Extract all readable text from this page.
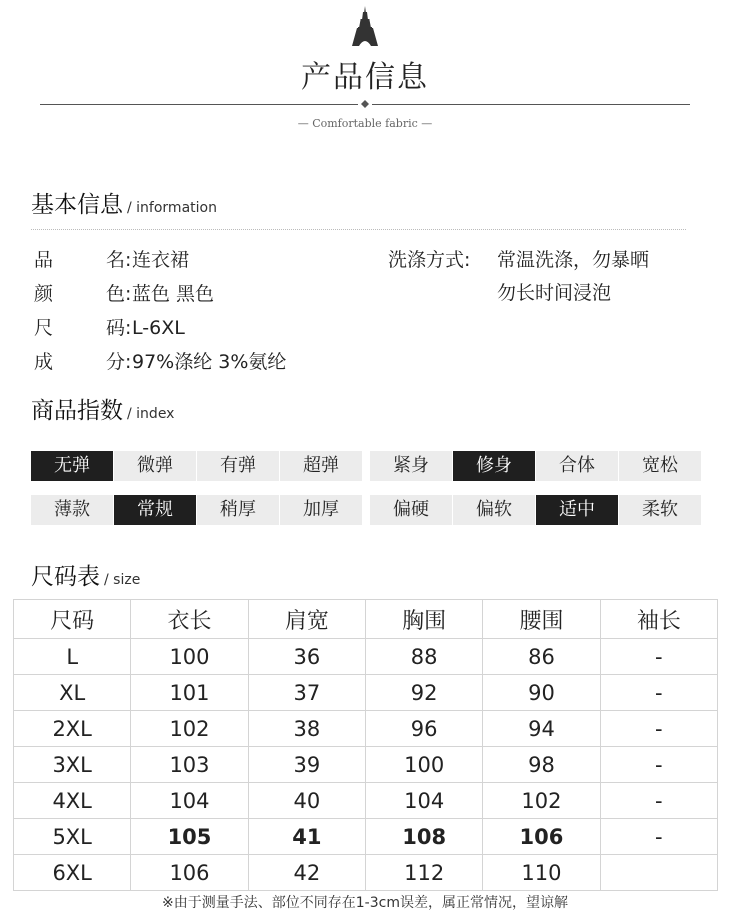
产品信息
— Comfortable fabric —
基本信息 / information
品	名:连衣裙
颜	色:蓝色 黑色
尺	码:L-6XL
成	分:97%涤纶 3%氨纶
洗涤方式: 常温洗涤，勿暴晒
勿长时间浸泡
商品指数 / index
无弹	微弹	有弹	超弹	紧身	修身	合体	宽松
薄款	常规	稍厚	加厚	偏硬	偏软	适中	柔软
尺码表 / size
尺码	衣长	肩宽	胸围	腰围	袖长
L	100	36	88	86	-
XL	101	37	92	90	-
2XL	102	38	96	94	-
3XL	103	39	100	98	-
4XL	104	40	104	102	-
5XL	105	41	108	106	-
6XL	106	42	112	110	
※由于测量手法、部位不同存在1-3cm误差，属正常情况，望谅解
